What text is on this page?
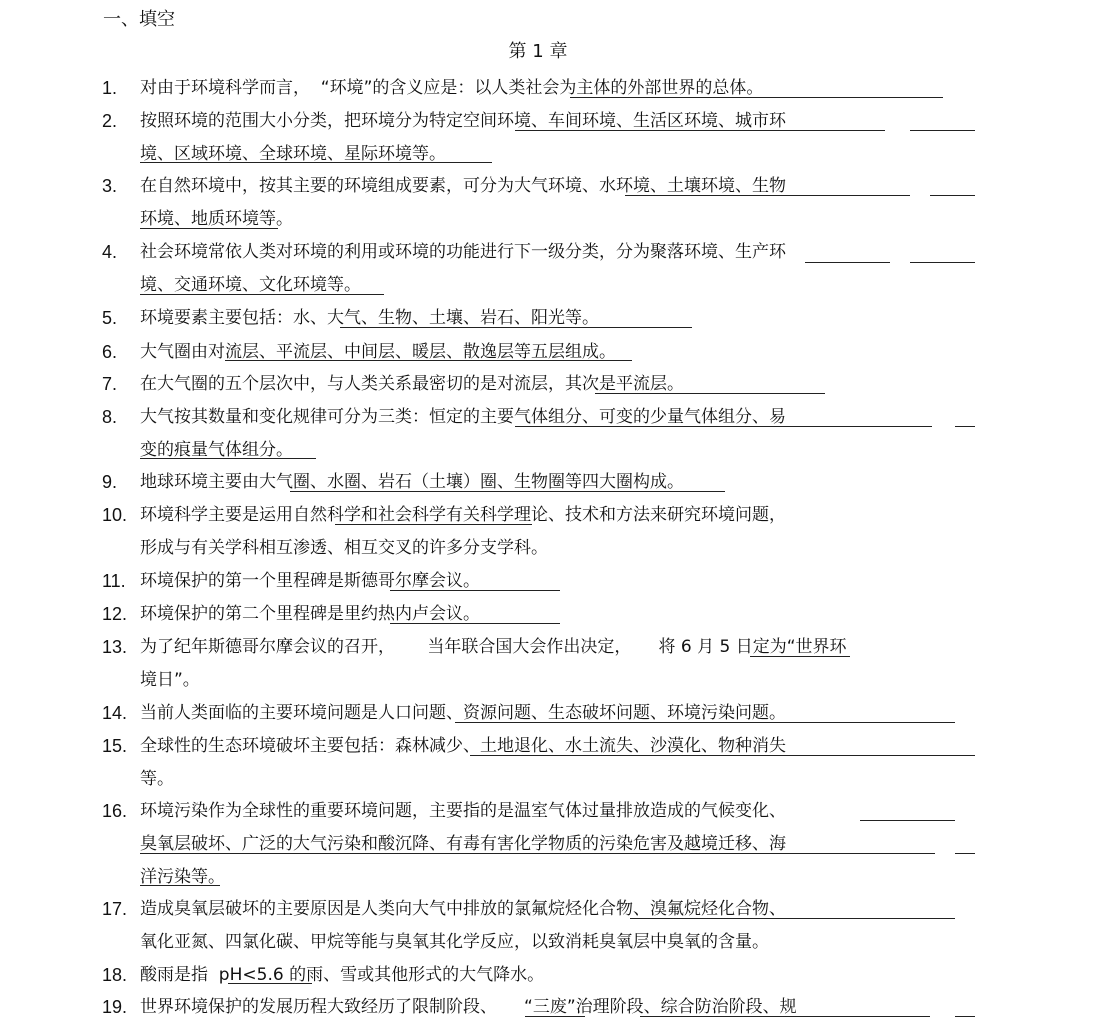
一、填空
第 1 章
1.	对由于环境科学而言，  “环境”的含义应是：以人类社会为主体的外部世界的总体。
2.	按照环境的范围大小分类，把环境分为特定空间环境、车间环境、生活区环境、城市环
境、区域环境、全球环境、星际环境等。
3.	在自然环境中，按其主要的环境组成要素，可分为大气环境、水环境、土壤环境、生物
环境、地质环境等。
4.	社会环境常依人类对环境的利用或环境的功能进行下一级分类，分为聚落环境、生产环
境、交通环境、文化环境等。
5.	环境要素主要包括：水、大气、生物、土壤、岩石、阳光等。
6.	大气圈由对流层、平流层、中间层、暖层、散逸层等五层组成。
7.	在大气圈的五个层次中，与人类关系最密切的是对流层，其次是平流层。
8.	大气按其数量和变化规律可分为三类：恒定的主要气体组分、可变的少量气体组分、易
变的痕量气体组分。
9.	地球环境主要由大气圈、水圈、岩石（土壤）圈、生物圈等四大圈构成。
10. 环境科学主要是运用自然科学和社会科学有关科学理论、技术和方法来研究环境问题，
形成与有关学科相互渗透、相互交叉的许多分支学科。
11. 环境保护的第一个里程碑是斯德哥尔摩会议。
12. 环境保护的第二个里程碑是里约热内卢会议。
13. 为了纪年斯德哥尔摩会议的召开，      当年联合国大会作出决定，     将 6 月 5 日定为“世界环
境日”。
14. 当前人类面临的主要环境问题是人口问题、资源问题、生态破坏问题、环境污染问题。
15. 全球性的生态环境破坏主要包括：森林减少、土地退化、水土流失、沙漠化、物种消失
等。
16. 环境污染作为全球性的重要环境问题，主要指的是温室气体过量排放造成的气候变化、
臭氧层破坏、广泛的大气污染和酸沉降、有毒有害化学物质的污染危害及越境迁移、海
洋污染等。
17. 造成臭氧层破坏的主要原因是人类向大气中排放的氯氟烷烃化合物、溴氟烷烃化合物、
氧化亚氮、四氯化碳、甲烷等能与臭氧其化学反应，以致消耗臭氧层中臭氧的含量。
18. 酸雨是指  pH<5.6 的雨、雪或其他形式的大气降水。
19. 世界环境保护的发展历程大致经历了限制阶段、     “三废”治理阶段、综合防治阶段、规
